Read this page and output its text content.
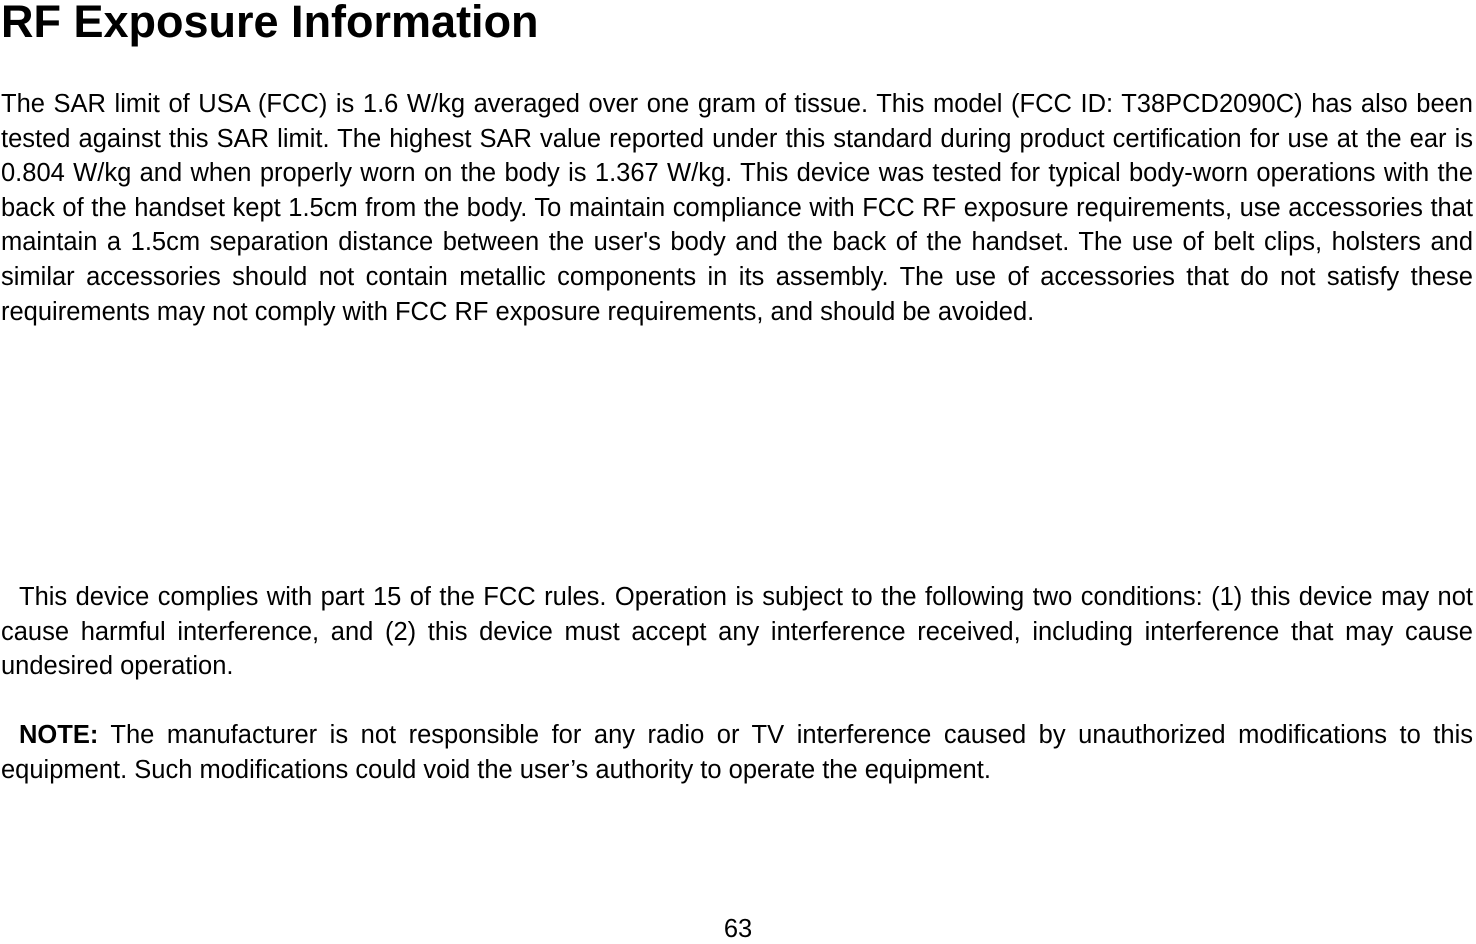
RF Exposure Information

The SAR limit of USA (FCC) is 1.6 W/kg averaged over one gram of tissue. This model (FCC ID: T38PCD2090C) has also been tested against this SAR limit. The highest SAR value reported under this standard during product certification for use at the ear is 0.804 W/kg and when properly worn on the body is 1.367 W/kg. This device was tested for typical body-worn operations with the back of the handset kept 1.5cm from the body. To maintain compliance with FCC RF exposure requirements, use accessories that maintain a 1.5cm separation distance between the user's body and the back of the handset. The use of belt clips, holsters and similar accessories should not contain metallic components in its assembly. The use of accessories that do not satisfy these requirements may not comply with FCC RF exposure requirements, and should be avoided.

This device complies with part 15 of the FCC rules. Operation is subject to the following two conditions: (1) this device may not cause harmful interference, and (2) this device must accept any interference received, including interference that may cause undesired operation.

NOTE: The manufacturer is not responsible for any radio or TV interference caused by unauthorized modifications to this equipment. Such modifications could void the user’s authority to operate the equipment.

63
